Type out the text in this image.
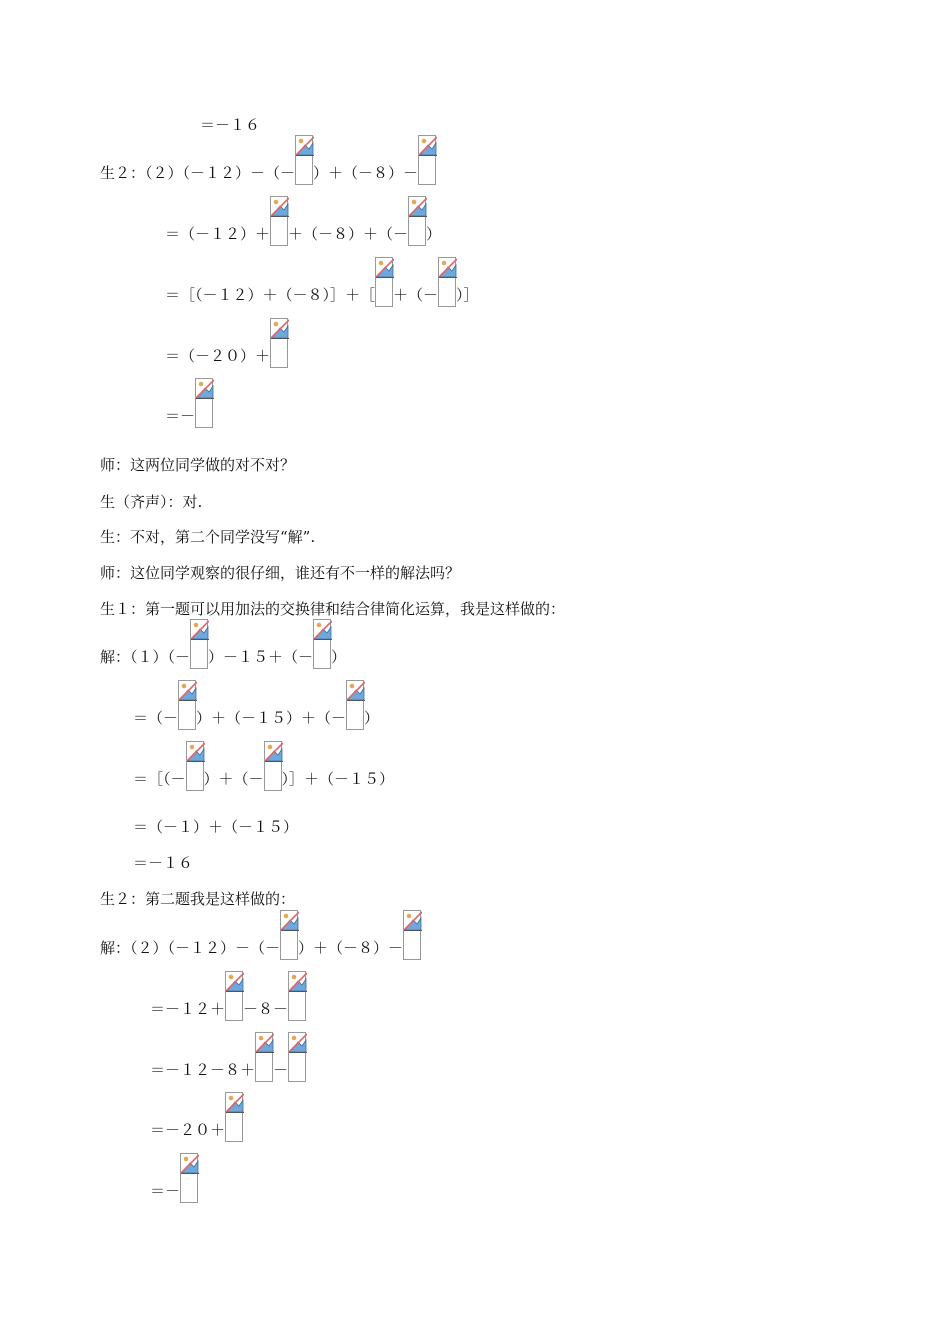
＝－１６
生２：（２）（－１２）－（－ ）＋（－８）－
＝（－１２）＋ ＋（－８）＋（－ ）
＝［（－１２）＋（－８）］＋［ ＋（－ ）］
＝（－２０）＋
＝－
师：这两位同学做的对不对？
生（齐声）：对.
生：不对，第二个同学没写“解”.
师：这位同学观察的很仔细，谁还有不一样的解法吗？
生１：第一题可以用加法的交换律和结合律简化运算，我是这样做的：
解：（１）（－ ）－１５＋（－ ）
＝（－ ）＋（－１５）＋（－ ）
＝［（－ ）＋（－ ）］＋（－１５）
＝（－１）＋（－１５）
＝－１６
生２：第二题我是这样做的：
解：（２）（－１２）－（－ ）＋（－８）－
＝－１２＋ －８－
＝－１２－８＋ －
＝－２０＋
＝－
